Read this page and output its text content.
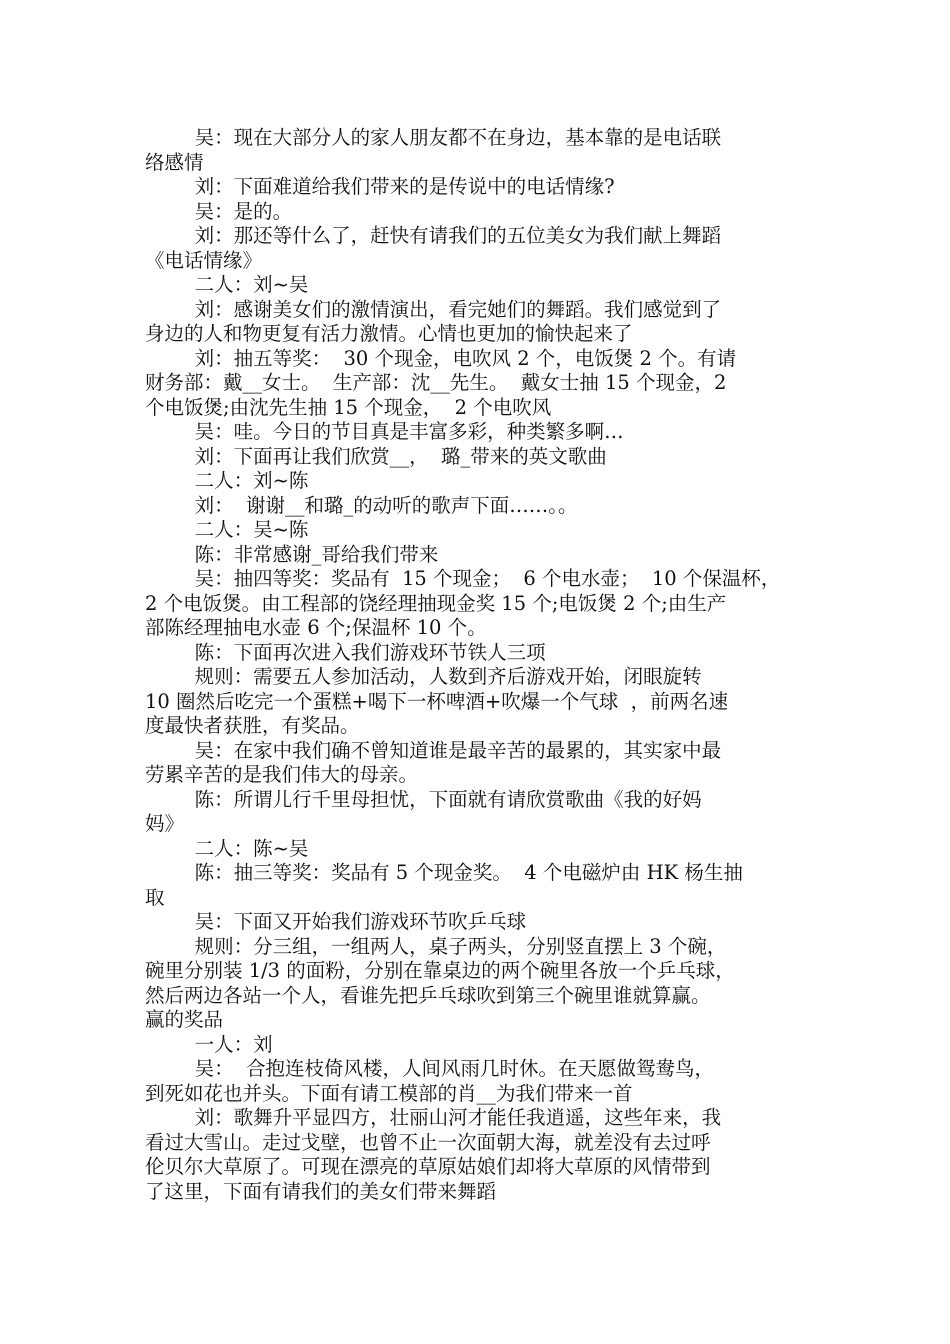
吴：现在大部分人的家人朋友都不在身边，基本靠的是电话联
络感情
刘：下面难道给我们带来的是传说中的电话情缘?
吴：是的。
刘：那还等什么了，赶快有请我们的五位美女为我们献上舞蹈
《电话情缘》
二人：刘~吴
刘：感谢美女们的激情演出，看完她们的舞蹈。我们感觉到了
身边的人和物更复有活力激情。心情也更加的愉快起来了
刘：抽五等奖：  30 个现金，电吹风 2 个，电饭煲 2 个。有请
财务部：戴__女士。  生产部：沈__先生。  戴女士抽 15 个现金，2
个电饭煲;由沈先生抽 15 个现金，  2 个电吹风
吴：哇。今日的节目真是丰富多彩，种类繁多啊…
刘：下面再让我们欣赏__，  璐_带来的英文歌曲
二人：刘~陈
刘：  谢谢__和璐_的动听的歌声下面……。。
二人：吴~陈
陈：非常感谢_哥给我们带来
吴：抽四等奖：奖品有  15 个现金；  6 个电水壶；  10 个保温杯，
2 个电饭煲。由工程部的饶经理抽现金奖 15 个;电饭煲 2 个;由生产
部陈经理抽电水壶 6 个;保温杯 10 个。
陈：下面再次进入我们游戏环节铁人三项
规则：需要五人参加活动，人数到齐后游戏开始，闭眼旋转
10 圈然后吃完一个蛋糕+喝下一杯啤酒+吹爆一个气球  ，前两名速
度最快者获胜，有奖品。
吴：在家中我们确不曾知道谁是最辛苦的最累的，其实家中最
劳累辛苦的是我们伟大的母亲。
陈：所谓儿行千里母担忧，下面就有请欣赏歌曲《我的好妈
妈》
二人：陈~吴
陈：抽三等奖：奖品有 5 个现金奖。  4 个电磁炉由 HK 杨生抽
取
吴：下面又开始我们游戏环节吹乒乓球
规则：分三组，一组两人，桌子两头，分别竖直摆上 3 个碗，
碗里分别装 1/3 的面粉，分别在靠桌边的两个碗里各放一个乒乓球，
然后两边各站一个人，看谁先把乒乓球吹到第三个碗里谁就算赢。
赢的奖品
一人：刘
吴：  合抱连枝倚风楼，人间风雨几时休。在天愿做鸳鸯鸟，
到死如花也并头。下面有请工模部的肖__为我们带来一首
刘：歌舞升平显四方，壮丽山河才能任我逍遥，这些年来，我
看过大雪山。走过戈壁，也曾不止一次面朝大海，就差没有去过呼
伦贝尔大草原了。可现在漂亮的草原姑娘们却将大草原的风情带到
了这里，下面有请我们的美女们带来舞蹈
